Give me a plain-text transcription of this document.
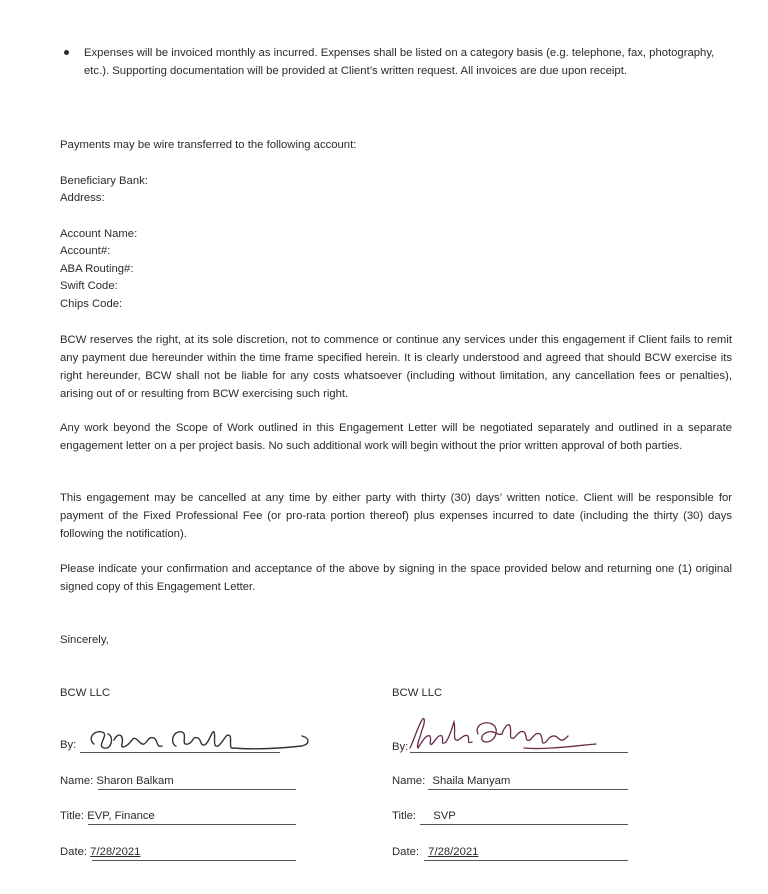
Expenses will be invoiced monthly as incurred. Expenses shall be listed on a category basis (e.g. telephone, fax, photography, etc.). Supporting documentation will be provided at Client’s written request. All invoices are due upon receipt.
Payments may be wire transferred to the following account:
Beneficiary Bank:
Address:
Account Name:
Account#:
ABA Routing#:
Swift Code:
Chips Code:
BCW reserves the right, at its sole discretion, not to commence or continue any services under this engagement if Client fails to remit any payment due hereunder within the time frame specified herein. It is clearly understood and agreed that should BCW exercise its right hereunder, BCW shall not be liable for any costs whatsoever (including without limitation, any cancellation fees or penalties), arising out of or resulting from BCW exercising such right.
Any work beyond the Scope of Work outlined in this Engagement Letter will be negotiated separately and outlined in a separate engagement letter on a per project basis. No such additional work will begin without the prior written approval of both parties.
This engagement may be cancelled at any time by either party with thirty (30) days’ written notice. Client will be responsible for payment of the Fixed Professional Fee (or pro-rata portion thereof) plus expenses incurred to date (including the thirty (30) days following the notification).
Please indicate your confirmation and acceptance of the above by signing in the space provided below and returning one (1) original signed copy of this Engagement Letter.
Sincerely,
BCW LLC
By:
Name: Sharon Balkam
Title: EVP, Finance
Date: 7/28/2021
BCW LLC
By:
Name: Shaila Manyam
Title: SVP
Date: 7/28/2021
